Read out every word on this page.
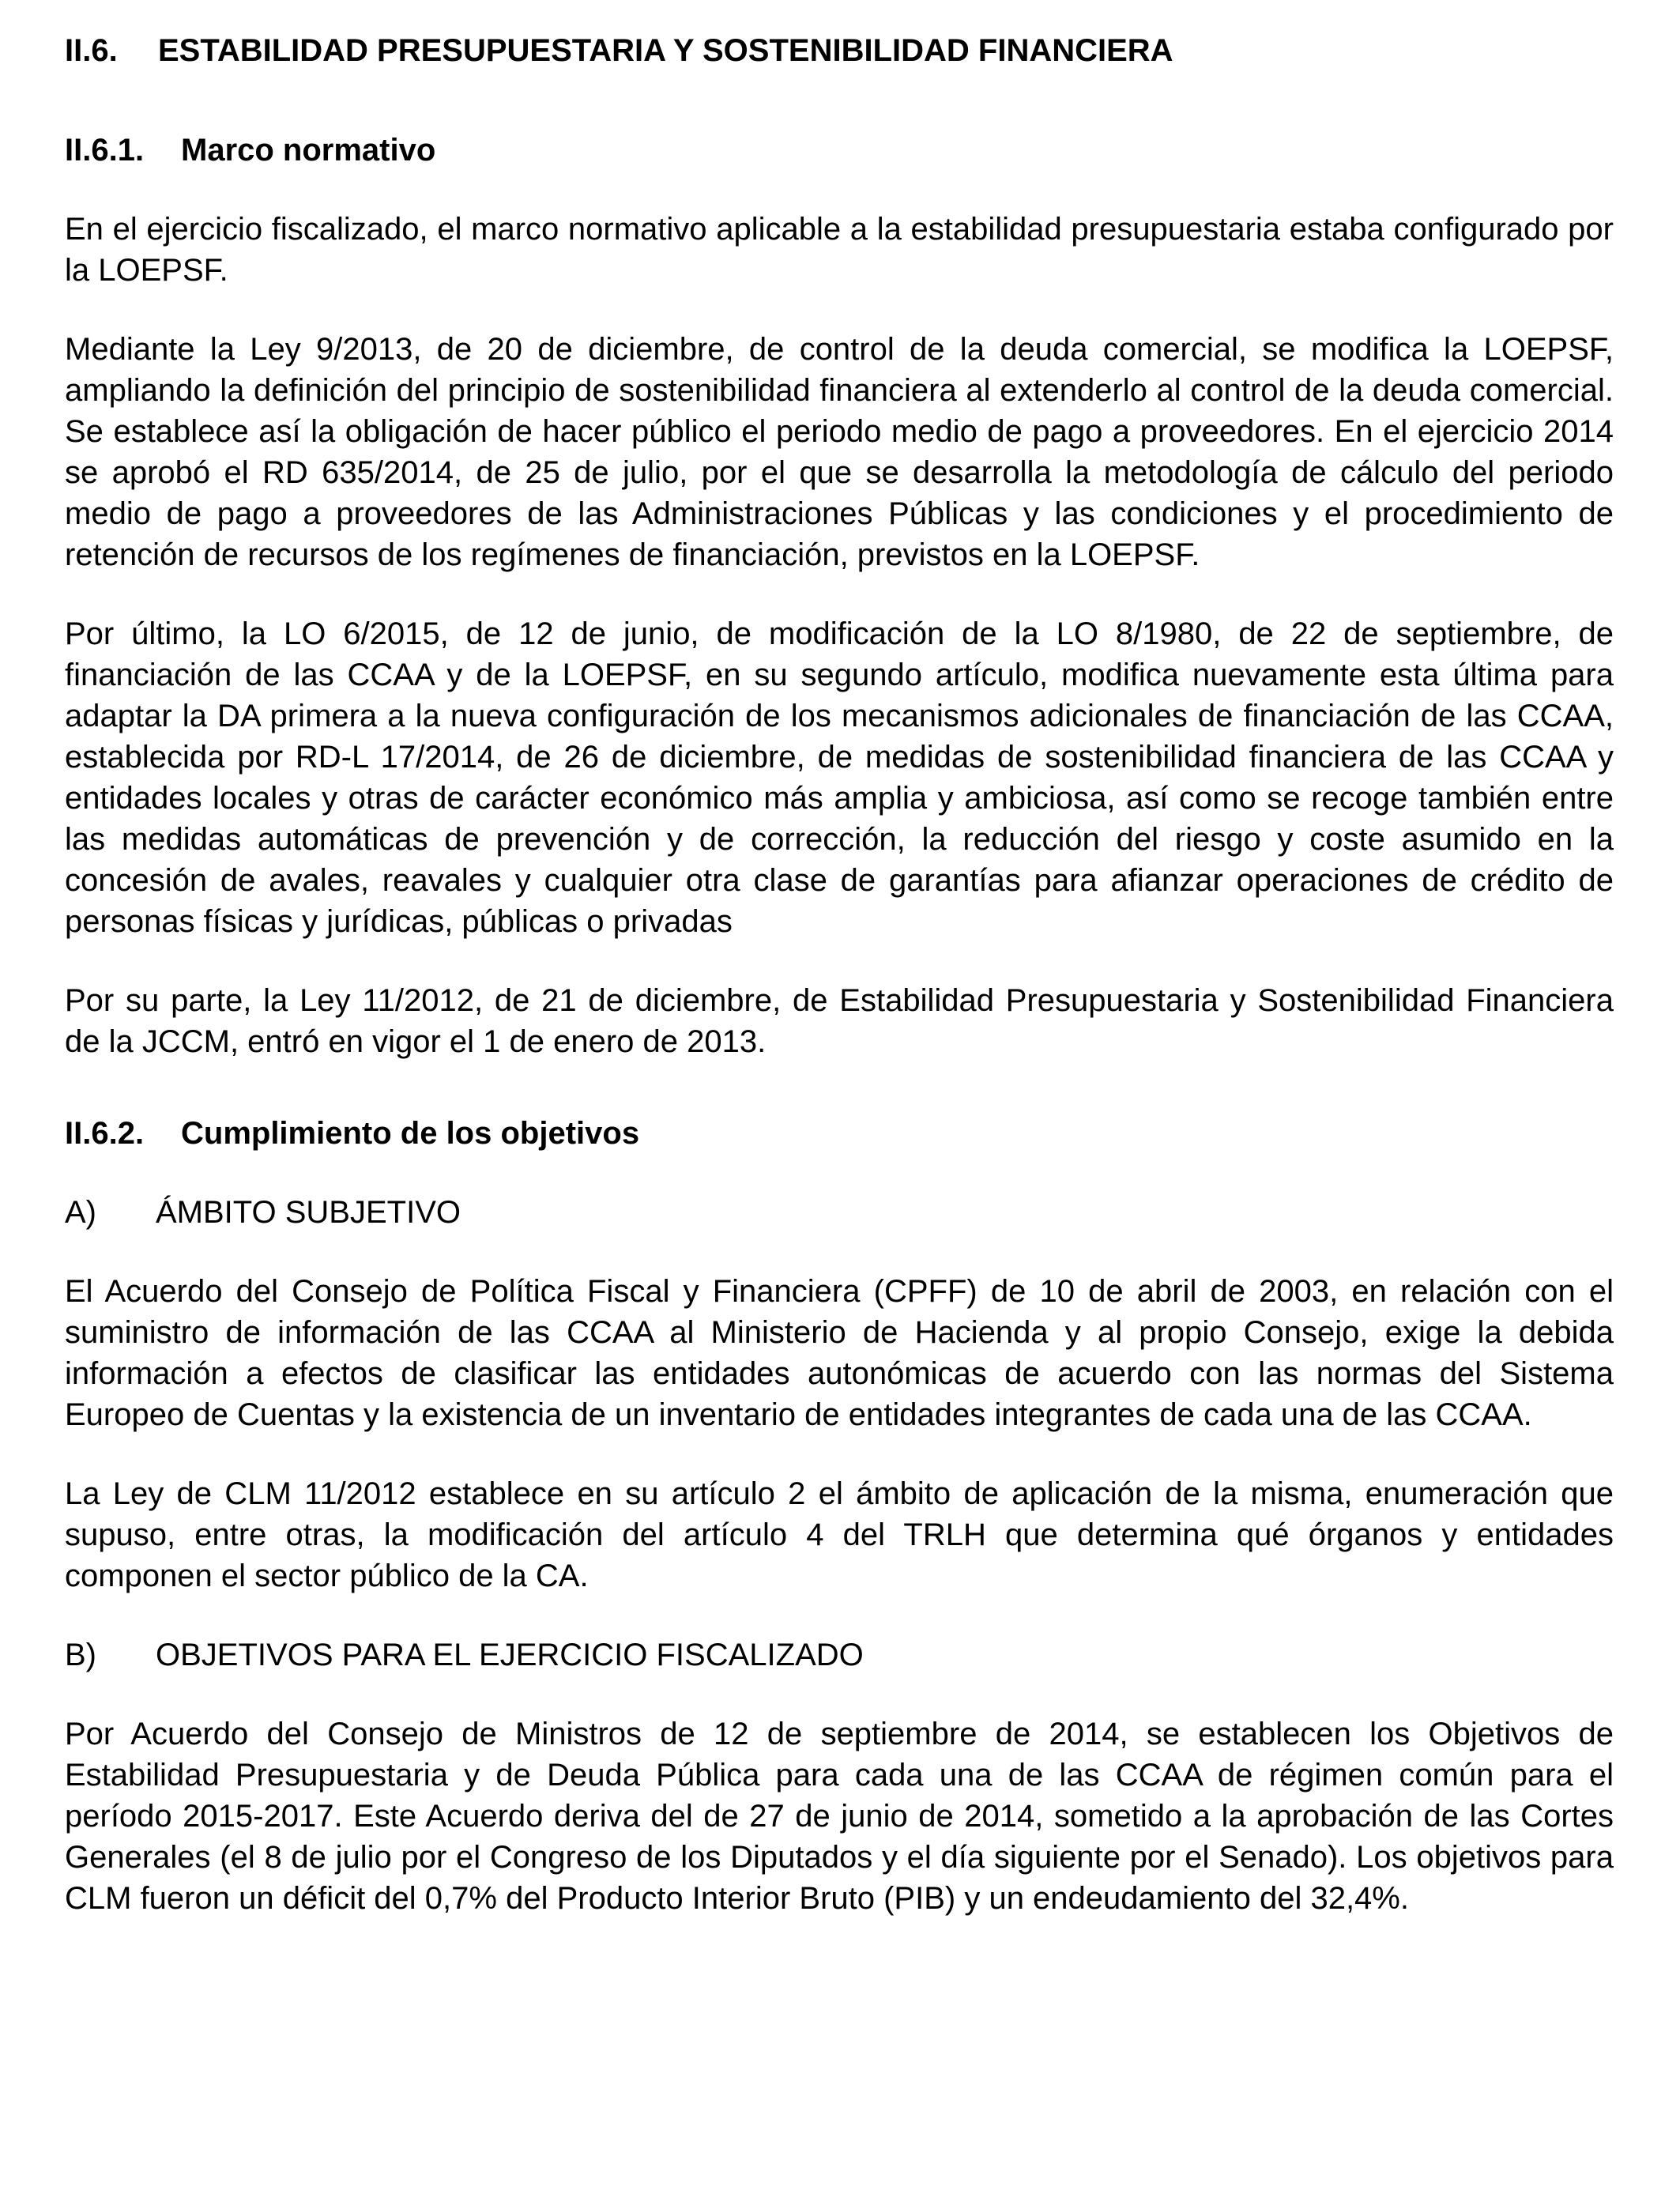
II.6.	ESTABILIDAD PRESUPUESTARIA Y SOSTENIBILIDAD FINANCIERA
II.6.1.	Marco normativo

En el ejercicio fiscalizado, el marco normativo aplicable a la estabilidad presupuestaria estaba configurado por la LOEPSF.

Mediante la Ley 9/2013, de 20 de diciembre, de control de la deuda comercial, se modifica la LOEPSF, ampliando la definición del principio de sostenibilidad financiera al extenderlo al control de la deuda comercial. Se establece así la obligación de hacer público el periodo medio de pago a proveedores. En el ejercicio 2014 se aprobó el RD 635/2014, de 25 de julio, por el que se desarrolla la metodología de cálculo del periodo medio de pago a proveedores de las Administraciones Públicas y las condiciones y el procedimiento de retención de recursos de los regímenes de financiación, previstos en la LOEPSF.

Por último, la LO 6/2015, de 12 de junio, de modificación de la LO 8/1980, de 22 de septiembre, de financiación de las CCAA y de la LOEPSF, en su segundo artículo, modifica nuevamente esta última para adaptar la DA primera a la nueva configuración de los mecanismos adicionales de financiación de las CCAA, establecida por RD-L 17/2014, de 26 de diciembre, de medidas de sostenibilidad financiera de las CCAA y entidades locales y otras de carácter económico más amplia y ambiciosa, así como se recoge también entre las medidas automáticas de prevención y de corrección, la reducción del riesgo y coste asumido en la concesión de avales, reavales y cualquier otra clase de garantías para afianzar operaciones de crédito de personas físicas y jurídicas, públicas o privadas

Por su parte, la Ley 11/2012, de 21 de diciembre, de Estabilidad Presupuestaria y Sostenibilidad Financiera de la JCCM, entró en vigor el 1 de enero de 2013.

II.6.2.	Cumplimiento de los objetivos
A)	ÁMBITO SUBJETIVO

El Acuerdo del Consejo de Política Fiscal y Financiera (CPFF) de 10 de abril de 2003, en relación con el suministro de información de las CCAA al Ministerio de Hacienda y al propio Consejo, exige la debida información a efectos de clasificar las entidades autonómicas de acuerdo con las normas del Sistema Europeo de Cuentas y la existencia de un inventario de entidades integrantes de cada una de las CCAA.

La Ley de CLM 11/2012 establece en su artículo 2 el ámbito de aplicación de la misma, enumeración que supuso, entre otras, la modificación del artículo 4 del TRLH que determina qué órganos y entidades componen el sector público de la CA.

B)	OBJETIVOS PARA EL EJERCICIO FISCALIZADO

Por Acuerdo del Consejo de Ministros de 12 de septiembre de 2014, se establecen los Objetivos de Estabilidad Presupuestaria y de Deuda Pública para cada una de las CCAA de régimen común para el período 2015-2017. Este Acuerdo deriva del de 27 de junio de 2014, sometido a la aprobación de las Cortes Generales (el 8 de julio por el Congreso de los Diputados y el día siguiente por el Senado). Los objetivos para CLM fueron un déficit del 0,7% del Producto Interior Bruto (PIB) y un endeudamiento del 32,4%.
